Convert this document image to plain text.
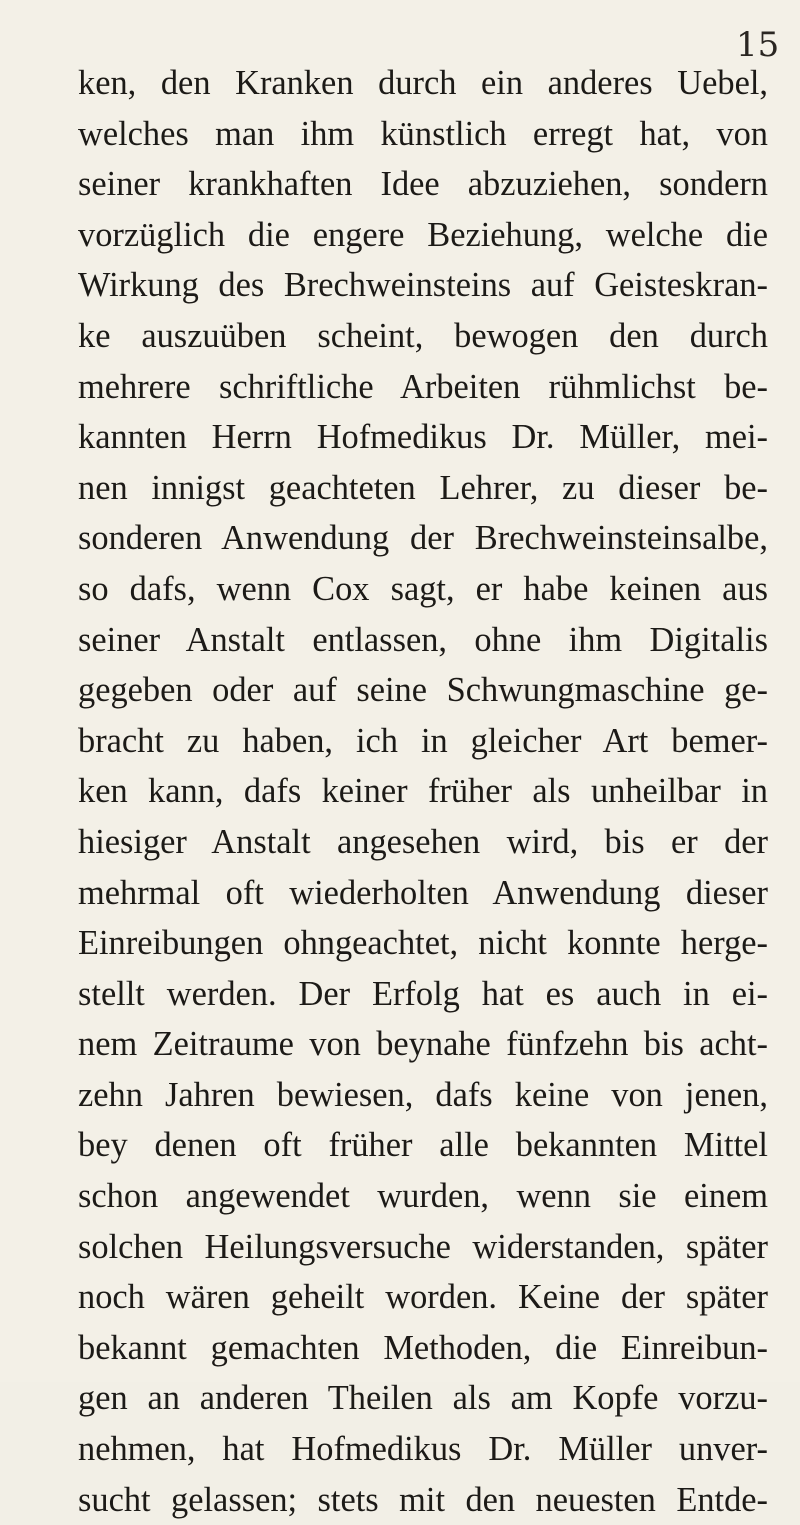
15
ken, den Kranken durch ein anderes Uebel,
welches man ihm künstlich erregt hat, von
seiner krankhaften Idee abzuziehen, sondern
vorzüglich die engere Beziehung, welche die
Wirkung des Brechweinsteins auf Geisteskran-
ke auszuüben scheint, bewogen den durch
mehrere schriftliche Arbeiten rühmlichst be-
kannten Herrn Hofmedikus Dr. Müller, mei-
nen innigst geachteten Lehrer, zu dieser be-
sonderen Anwendung der Brechweinsteinsalbe,
so dafs, wenn Cox sagt, er habe keinen aus
seiner Anstalt entlassen, ohne ihm Digitalis
gegeben oder auf seine Schwungmaschine ge-
bracht zu haben, ich in gleicher Art bemer-
ken kann, dafs keiner früher als unheilbar in
hiesiger Anstalt angesehen wird, bis er der
mehrmal oft wiederholten Anwendung dieser
Einreibungen ohngeachtet, nicht konnte herge-
stellt werden. Der Erfolg hat es auch in ei-
nem Zeitraume von beynahe fünfzehn bis acht-
zehn Jahren bewiesen, dafs keine von jenen,
bey denen oft früher alle bekannten Mittel
schon angewendet wurden, wenn sie einem
solchen Heilungsversuche widerstanden, später
noch wären geheilt worden. Keine der später
bekannt gemachten Methoden, die Einreibun-
gen an anderen Theilen als am Kopfe vorzu-
nehmen, hat Hofmedikus Dr. Müller unver-
sucht gelassen; stets mit den neuesten Entde-
